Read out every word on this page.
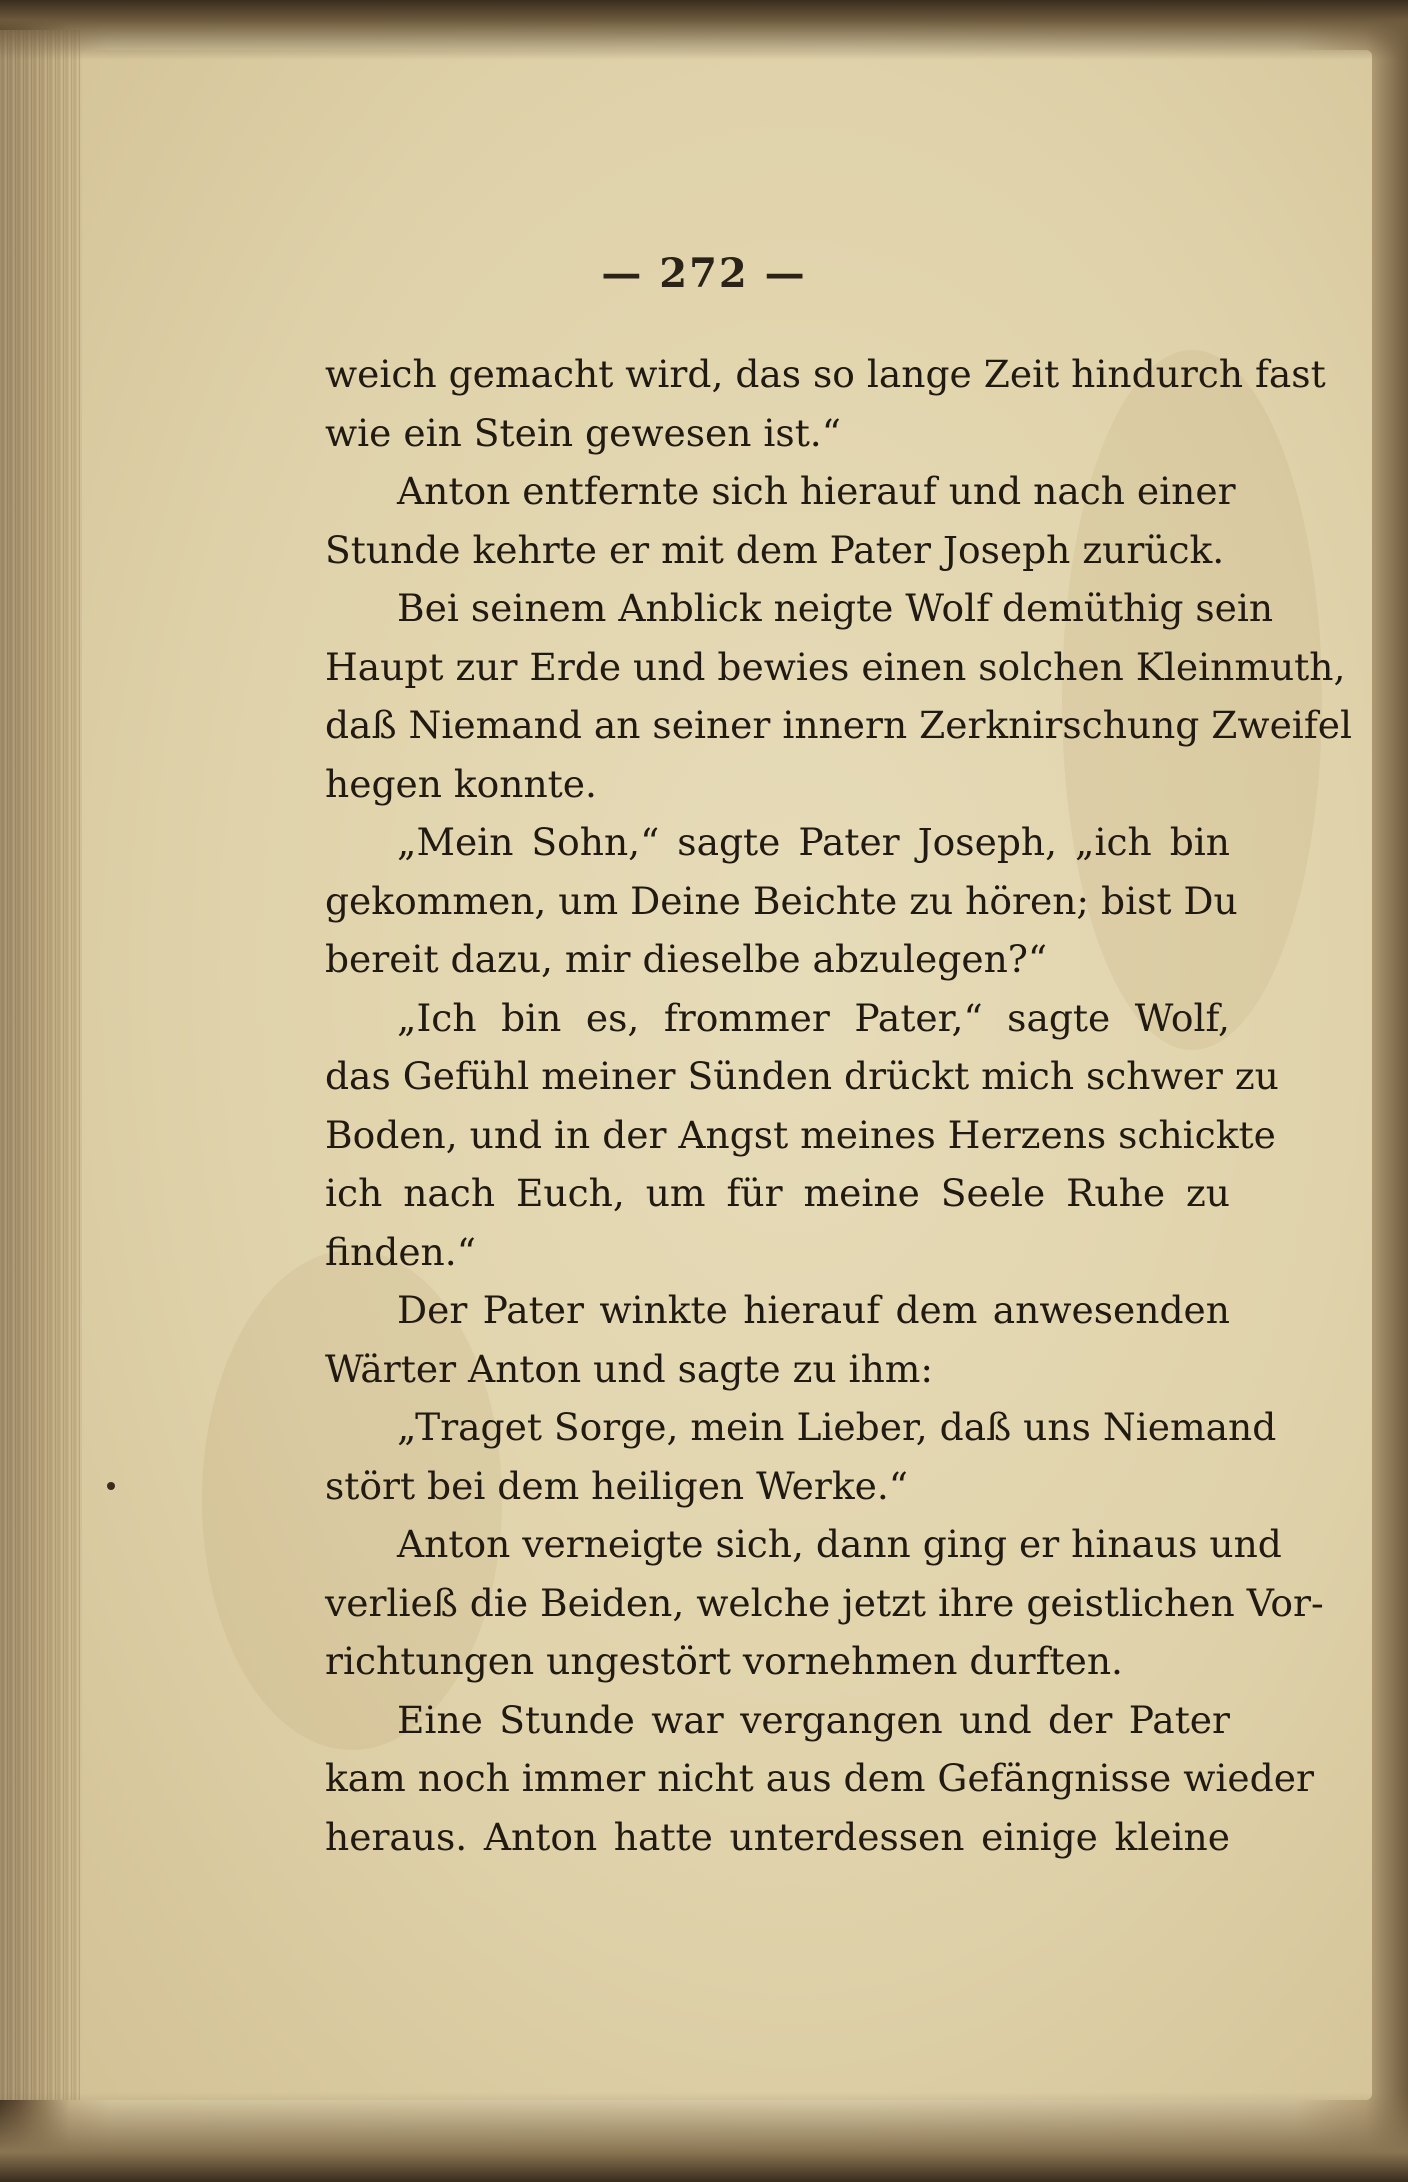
— 272 —
weich gemacht wird, das so lange Zeit hindurch fast
wie ein Stein gewesen ist.“
Anton entfernte sich hierauf und nach einer
Stunde kehrte er mit dem Pater Joseph zurück.
Bei seinem Anblick neigte Wolf demüthig sein
Haupt zur Erde und bewies einen solchen Kleinmuth,
daß Niemand an seiner innern Zerknirschung Zweifel
hegen konnte.
„Mein Sohn,“ sagte Pater Joseph, „ich bin
gekommen, um Deine Beichte zu hören; bist Du
bereit dazu, mir dieselbe abzulegen?“
„Ich bin es, frommer Pater,“ sagte Wolf,
das Gefühl meiner Sünden drückt mich schwer zu
Boden, und in der Angst meines Herzens schickte
ich nach Euch, um für meine Seele Ruhe zu
finden.“
Der Pater winkte hierauf dem anwesenden
Wärter Anton und sagte zu ihm:
„Traget Sorge, mein Lieber, daß uns Niemand
stört bei dem heiligen Werke.“
Anton verneigte sich, dann ging er hinaus und
verließ die Beiden, welche jetzt ihre geistlichen Vor-
richtungen ungestört vornehmen durften.
Eine Stunde war vergangen und der Pater
kam noch immer nicht aus dem Gefängnisse wieder
heraus. Anton hatte unterdessen einige kleine
